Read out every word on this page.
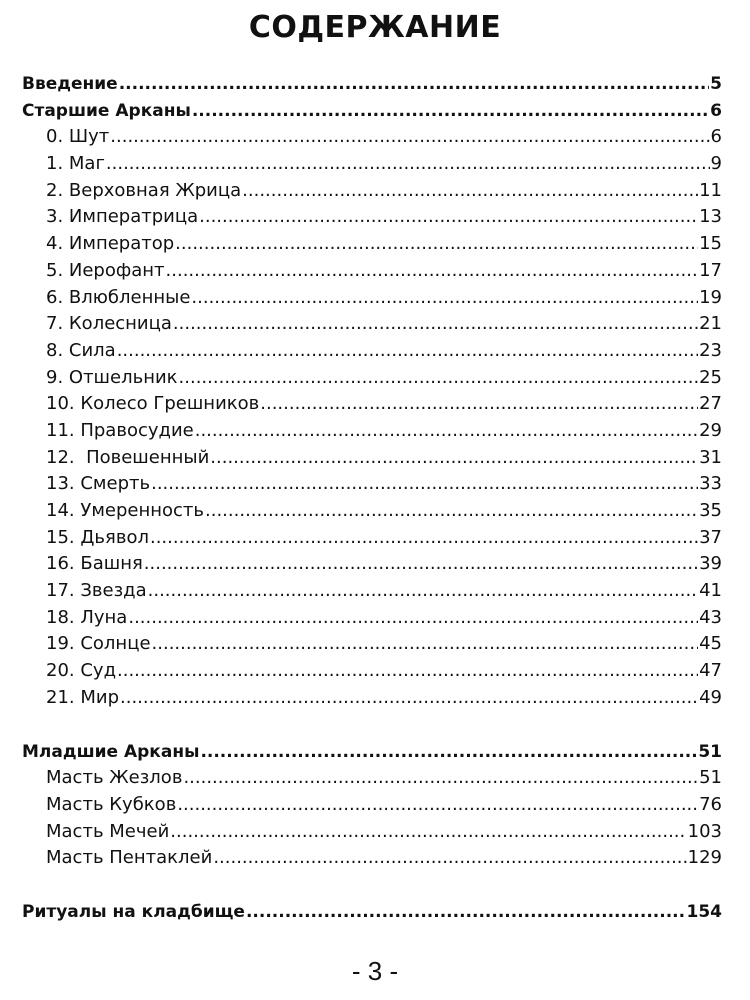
СОДЕРЖАНИЕ
Введение .....	5
Старшие Арканы .....	6
0. Шут .....	6
1. Маг .....	9
2. Верховная Жрица .....	11
3. Императрица .....	13
4. Император .....	15
5. Иерофант .....	17
6. Влюбленные .....	19
7. Колесница .....	21
8. Сила .....	23
9. Отшельник .....	25
10. Колесо Грешников .....	27
11. Правосудие .....	29
12.  Повешенный .....	31
13. Смерть .....	33
14. Умеренность .....	35
15. Дьявол .....	37
16. Башня .....	39
17. Звезда .....	41
18. Луна .....	43
19. Солнце .....	45
20. Суд .....	47
21. Мир .....	49
Младшие Арканы .....	51
Масть Жезлов .....	51
Масть Кубков .....	76
Масть Мечей .....	103
Масть Пентаклей .....	129
Ритуалы на кладбище .....	154
- 3 -
